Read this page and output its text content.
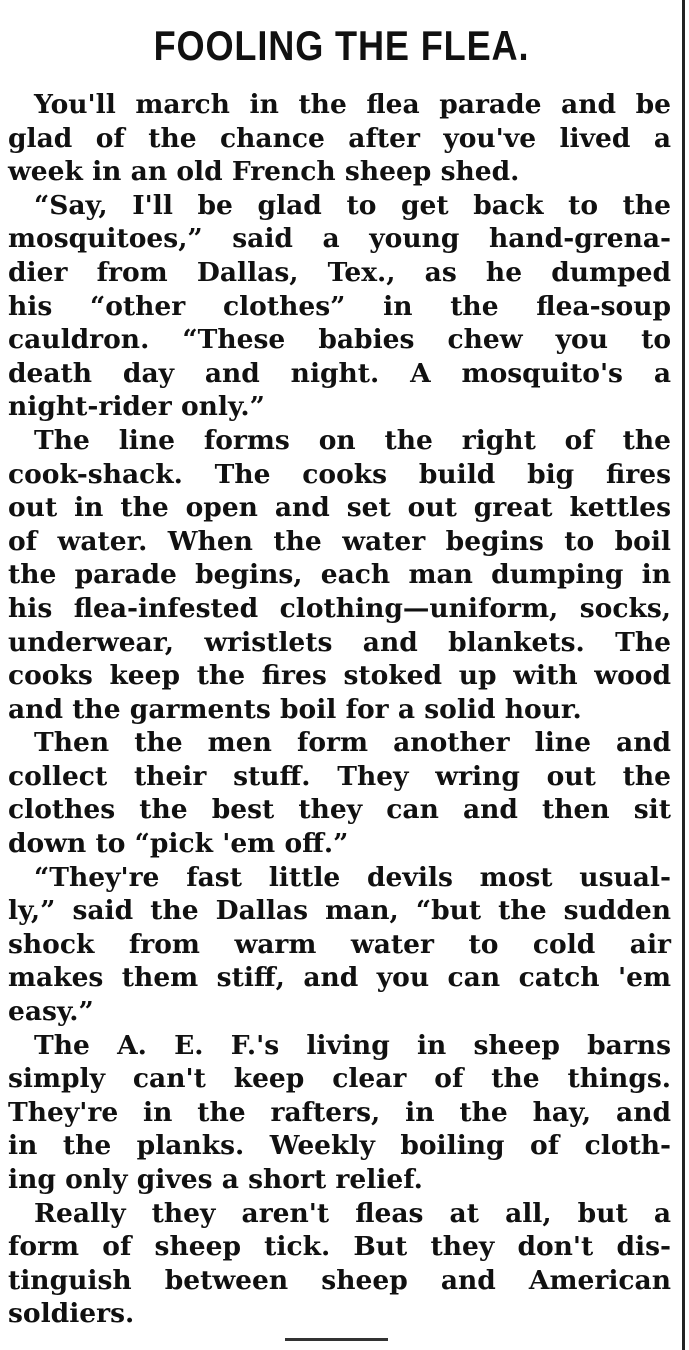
FOOLING THE FLEA.
You'll march in the flea parade and be
glad of the chance after you've lived a
week in an old French sheep shed.
“Say, I'll be glad to get back to the
mosquitoes,” said a young hand-grena-
dier from Dallas, Tex., as he dumped
his “other clothes” in the flea-soup
cauldron. “These babies chew you to
death day and night. A mosquito's a
night-rider only.”
The line forms on the right of the
cook-shack. The cooks build big fires
out in the open and set out great kettles
of water. When the water begins to boil
the parade begins, each man dumping in
his flea-infested clothing—uniform, socks,
underwear, wristlets and blankets. The
cooks keep the fires stoked up with wood
and the garments boil for a solid hour.
Then the men form another line and
collect their stuff. They wring out the
clothes the best they can and then sit
down to “pick 'em off.”
“They're fast little devils most usual-
ly,” said the Dallas man, “but the sudden
shock from warm water to cold air
makes them stiff, and you can catch 'em
easy.”
The A. E. F.'s living in sheep barns
simply can't keep clear of the things.
They're in the rafters, in the hay, and
in the planks. Weekly boiling of cloth-
ing only gives a short relief.
Really they aren't fleas at all, but a
form of sheep tick. But they don't dis-
tinguish between sheep and American
soldiers.
